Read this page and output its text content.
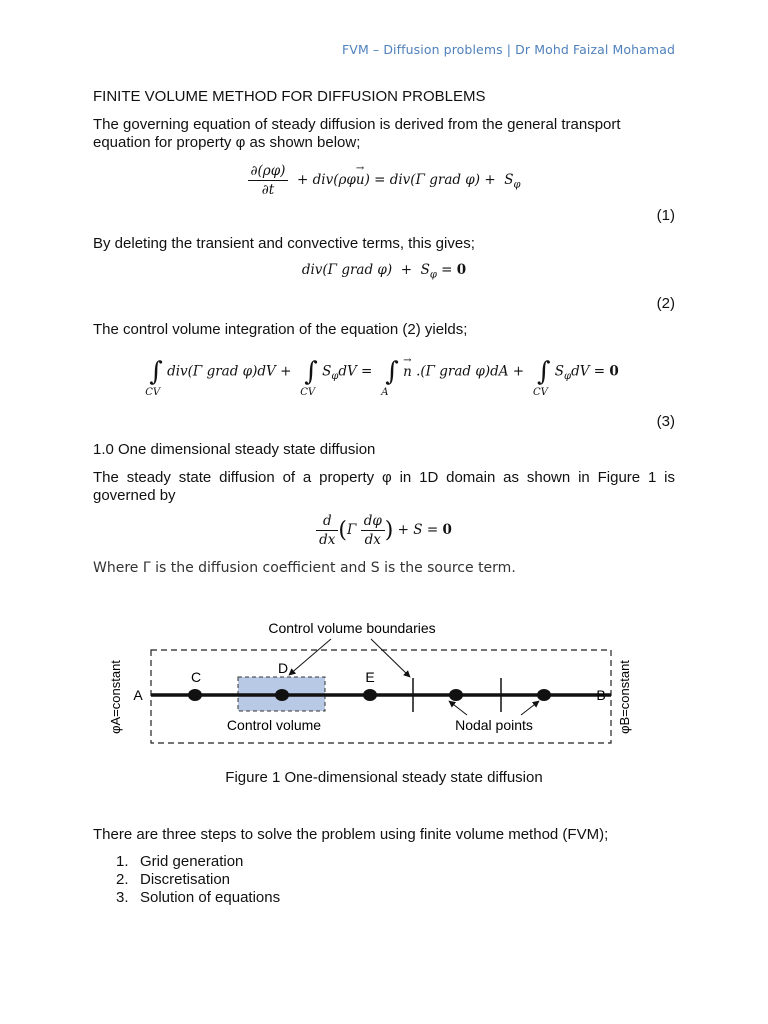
FVM – Diffusion problems | Dr Mohd Faizal Mohamad
FINITE VOLUME METHOD FOR DIFFUSION PROBLEMS
The governing equation of steady diffusion is derived from the general transport equation for property φ as shown below;
$\frac{\partial(\rho\varphi)}{\partial t} + div(\rho\varphi u$
→
) = div(Γ grad $\varphi) + S_\varphi$
(1)
By deleting the transient and convective terms, this gives;
div(Γ grad $\varphi) + S_\varphi = 0$
(2)
The control volume integration of the equation (2) yields;
∫
CV
div(Γ grad φ)dV +   ∫
CV
$S_\varphi dV$ =   ∫
A
n
→
.(Γ grad φ)dA +   ∫
CV
$S_\varphi dV = 0$
(3)
1.0 One dimensional steady state diffusion
The steady state diffusion of a property φ in 1D domain as shown in Figure 1 is governed by
$\frac{d}{dx} (\Gamma \frac{d\varphi}{dx}$ ) + S = 0
Where Γ is the diffusion coefficient and S is the source term.
Control volume boundaries
C
D
E
A	B
Control volume	Nodal points
φA=constant	φB=constant
Figure 1 One-dimensional steady state diffusion
There are three steps to solve the problem using finite volume method (FVM);
1. Grid generation
2. Discretisation
3. Solution of equations
